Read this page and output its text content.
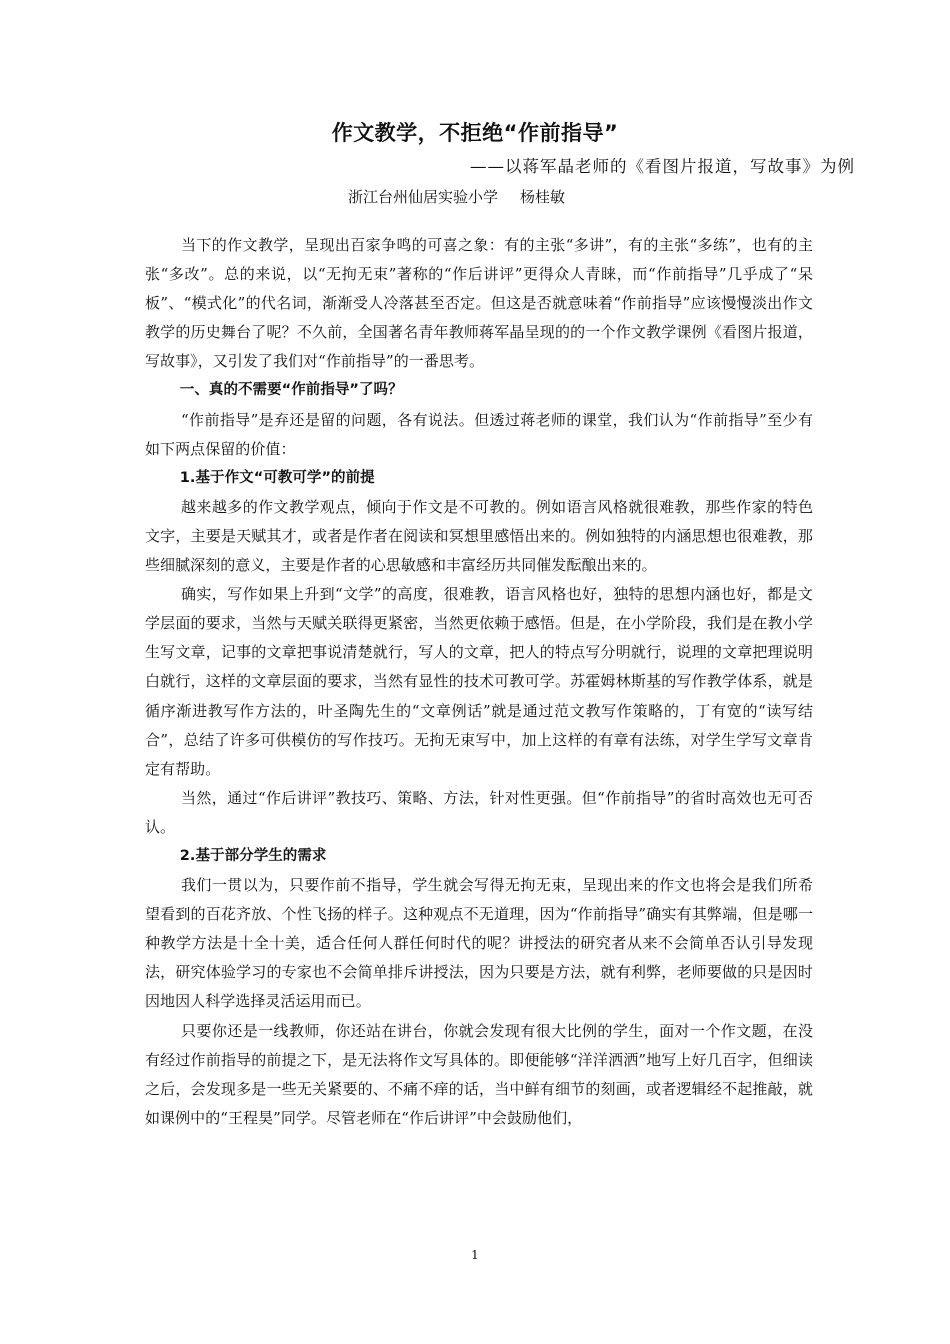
作文教学，不拒绝“作前指导”
——以蒋军晶老师的《看图片报道，写故事》为例
浙江台州仙居实验小学 杨桂敏

当下的作文教学，呈现出百家争鸣的可喜之象：有的主张“多讲”，有的主张“多练”，也有的主张“多改”。总的来说，以“无拘无束”著称的“作后讲评”更得众人青睐，而“作前指导”几乎成了“呆板”、“模式化”的代名词，渐渐受人冷落甚至否定。但这是否就意味着“作前指导”应该慢慢淡出作文教学的历史舞台了呢？不久前，全国著名青年教师蒋军晶呈现的的一个作文教学课例《看图片报道，写故事》，又引发了我们对“作前指导”的一番思考。

一、真的不需要“作前指导”了吗？

“作前指导”是弃还是留的问题，各有说法。但透过蒋老师的课堂，我们认为“作前指导”至少有如下两点保留的价值：

1.基于作文“可教可学”的前提

越来越多的作文教学观点，倾向于作文是不可教的。例如语言风格就很难教，那些作家的特色文字，主要是天赋其才，或者是作者在阅读和冥想里感悟出来的。例如独特的内涵思想也很难教，那些细腻深刻的意义，主要是作者的心思敏感和丰富经历共同催发酝酿出来的。

确实，写作如果上升到“文学”的高度，很难教，语言风格也好，独特的思想内涵也好，都是文学层面的要求，当然与天赋关联得更紧密，当然更依赖于感悟。但是，在小学阶段，我们是在教小学生写文章，记事的文章把事说清楚就行，写人的文章，把人的特点写分明就行，说理的文章把理说明白就行，这样的文章层面的要求，当然有显性的技术可教可学。苏霍姆林斯基的写作教学体系，就是循序渐进教写作方法的，叶圣陶先生的“文章例话”就是通过范文教写作策略的，丁有宽的“读写结合”，总结了许多可供模仿的写作技巧。无拘无束写中，加上这样的有章有法练，对学生学写文章肯定有帮助。

当然，通过“作后讲评”教技巧、策略、方法，针对性更强。但“作前指导”的省时高效也无可否认。

2.基于部分学生的需求

我们一贯以为，只要作前不指导，学生就会写得无拘无束，呈现出来的作文也将会是我们所希望看到的百花齐放、个性飞扬的样子。这种观点不无道理，因为“作前指导”确实有其弊端，但是哪一种教学方法是十全十美，适合任何人群任何时代的呢？讲授法的研究者从来不会简单否认引导发现法，研究体验学习的专家也不会简单排斥讲授法，因为只要是方法，就有利弊，老师要做的只是因时因地因人科学选择灵活运用而已。

只要你还是一线教师，你还站在讲台，你就会发现有很大比例的学生，面对一个作文题，在没有经过作前指导的前提之下，是无法将作文写具体的。即便能够“洋洋洒洒”地写上好几百字，但细读之后，会发现多是一些无关紧要的、不痛不痒的话，当中鲜有细节的刻画，或者逻辑经不起推敲，就如课例中的“王程昊”同学。尽管老师在“作后讲评”中会鼓励他们，

1
